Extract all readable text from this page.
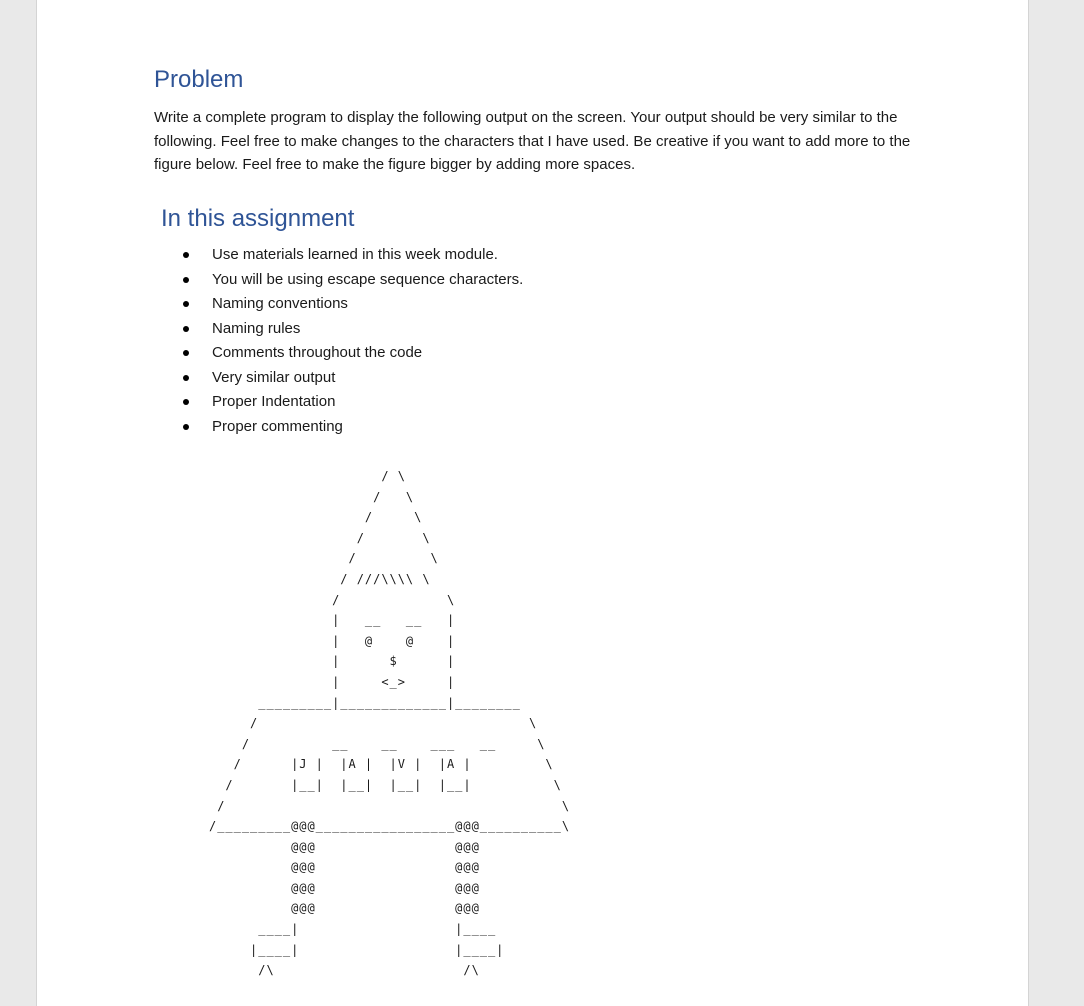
Problem

Write a complete program to display the following output on the screen. Your output should be very similar to the following. Feel free to make changes to the characters that I have used. Be creative if you want to add more to the figure below. Feel free to make the figure bigger by adding more spaces.

In this assignment
Use materials learned in this week module.
You will be using escape sequence characters.
Naming conventions
Naming rules
Comments throughout the code
Very similar output
Proper Indentation
Proper commenting
/ \
/   \
/     \
/       \
/         \
/ ///\\\\ \
/             \
|   __   __   |
|   @    @    |
|      $      |
|     <_>     |
_________|_____________|________
/                                 \
/          __    __    ___   __     \
/      |J |  |A |  |V |  |A |         \
/       |__|  |__|  |__|  |__|          \
/                                         \
/_________@@@_________________@@@__________\
@@@                 @@@
@@@                 @@@
@@@                 @@@
@@@                 @@@
____|                   |____
|____|                   |____|
/\                       /\
